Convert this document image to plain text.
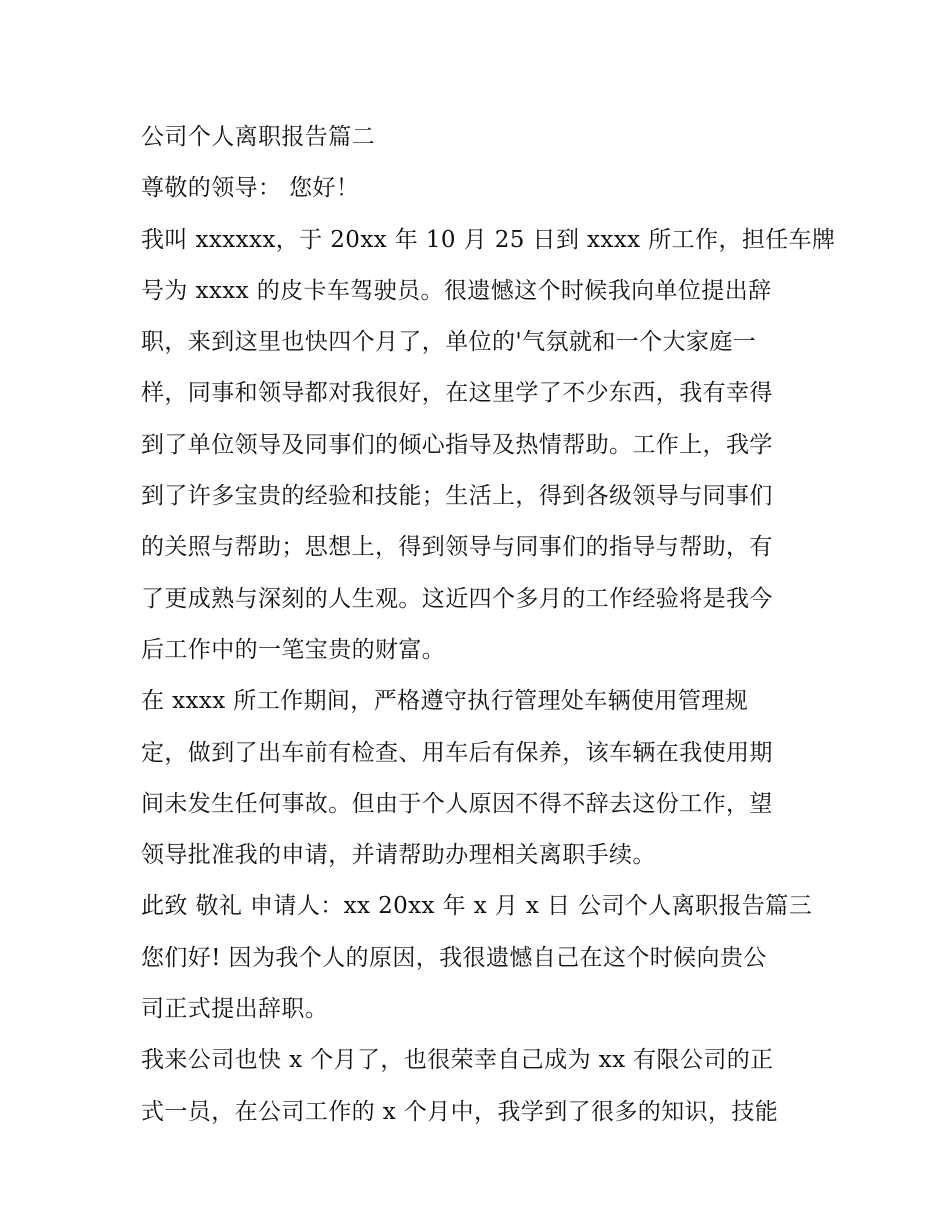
公司个人离职报告篇二
尊敬的领导： 您好！
我叫 xxxxxx，于 20xx 年 10 月 25 日到 xxxx 所工作，担任车牌
号为 xxxx 的皮卡车驾驶员。很遗憾这个时候我向单位提出辞
职，来到这里也快四个月了，单位的'气氛就和一个大家庭一
样，同事和领导都对我很好，在这里学了不少东西，我有幸得
到了单位领导及同事们的倾心指导及热情帮助。工作上，我学
到了许多宝贵的经验和技能；生活上，得到各级领导与同事们
的关照与帮助；思想上，得到领导与同事们的指导与帮助，有
了更成熟与深刻的人生观。这近四个多月的工作经验将是我今
后工作中的一笔宝贵的财富。
在 xxxx 所工作期间，严格遵守执行管理处车辆使用管理规
定，做到了出车前有检查、用车后有保养，该车辆在我使用期
间未发生任何事故。但由于个人原因不得不辞去这份工作，望
领导批准我的申请，并请帮助办理相关离职手续。
此致 敬礼 申请人：xx 20xx 年 x 月 x 日 公司个人离职报告篇三
您们好! 因为我个人的原因，我很遗憾自己在这个时候向贵公
司正式提出辞职。
我来公司也快 x 个月了，也很荣幸自己成为 xx 有限公司的正
式一员，在公司工作的 x 个月中，我学到了很多的知识，技能
